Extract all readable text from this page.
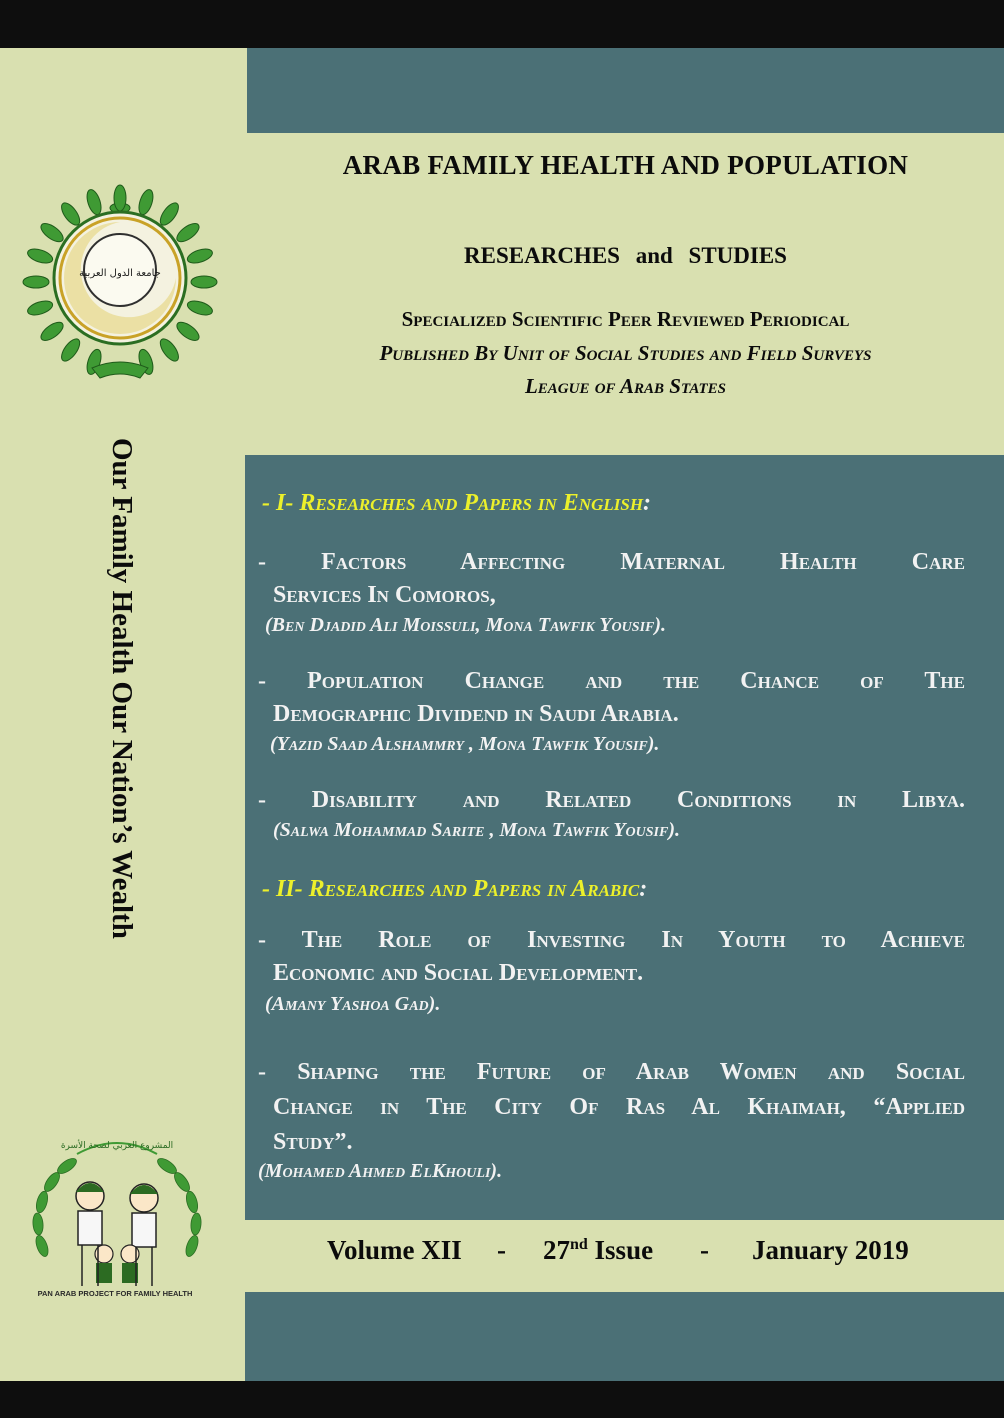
جامعة الدول العربية
ARAB FAMILY HEALTH AND POPULATION
RESEARCHES and STUDIES
Specialized Scientific Peer Reviewed Periodical
Published By Unit of Social Studies and Field Surveys
League of Arab States
Our Family Health Our Nation’s Wealth	- I- Researches and Papers in English:
- Factors Affecting Maternal Health Care
Services In Comoros,
(Ben Djadid Ali Moissuli, Mona Tawfik Yousif).
- Population Change and the Chance of The
Demographic Dividend in Saudi Arabia.
(Yazid Saad Alshammry , Mona Tawfik Yousif).
- Disability and Related Conditions in Libya.
(Salwa Mohammad Sarite , Mona Tawfik Yousif).
- II- Researches and Papers in Arabic:
- The Role of Investing In Youth to Achieve
Economic and Social Development.
(Amany Yashoa Gad).
- Shaping the Future of Arab Women and Social
Change in The City Of Ras Al Khaimah, “Applied
Study”.
(Mohamed Ahmed ElKhouli).
Volume XII - 27nd Issue - January 2019
المشروع العربي لصحة الأسرة
PAN ARAB PROJECT FOR FAMILY HEALTH
